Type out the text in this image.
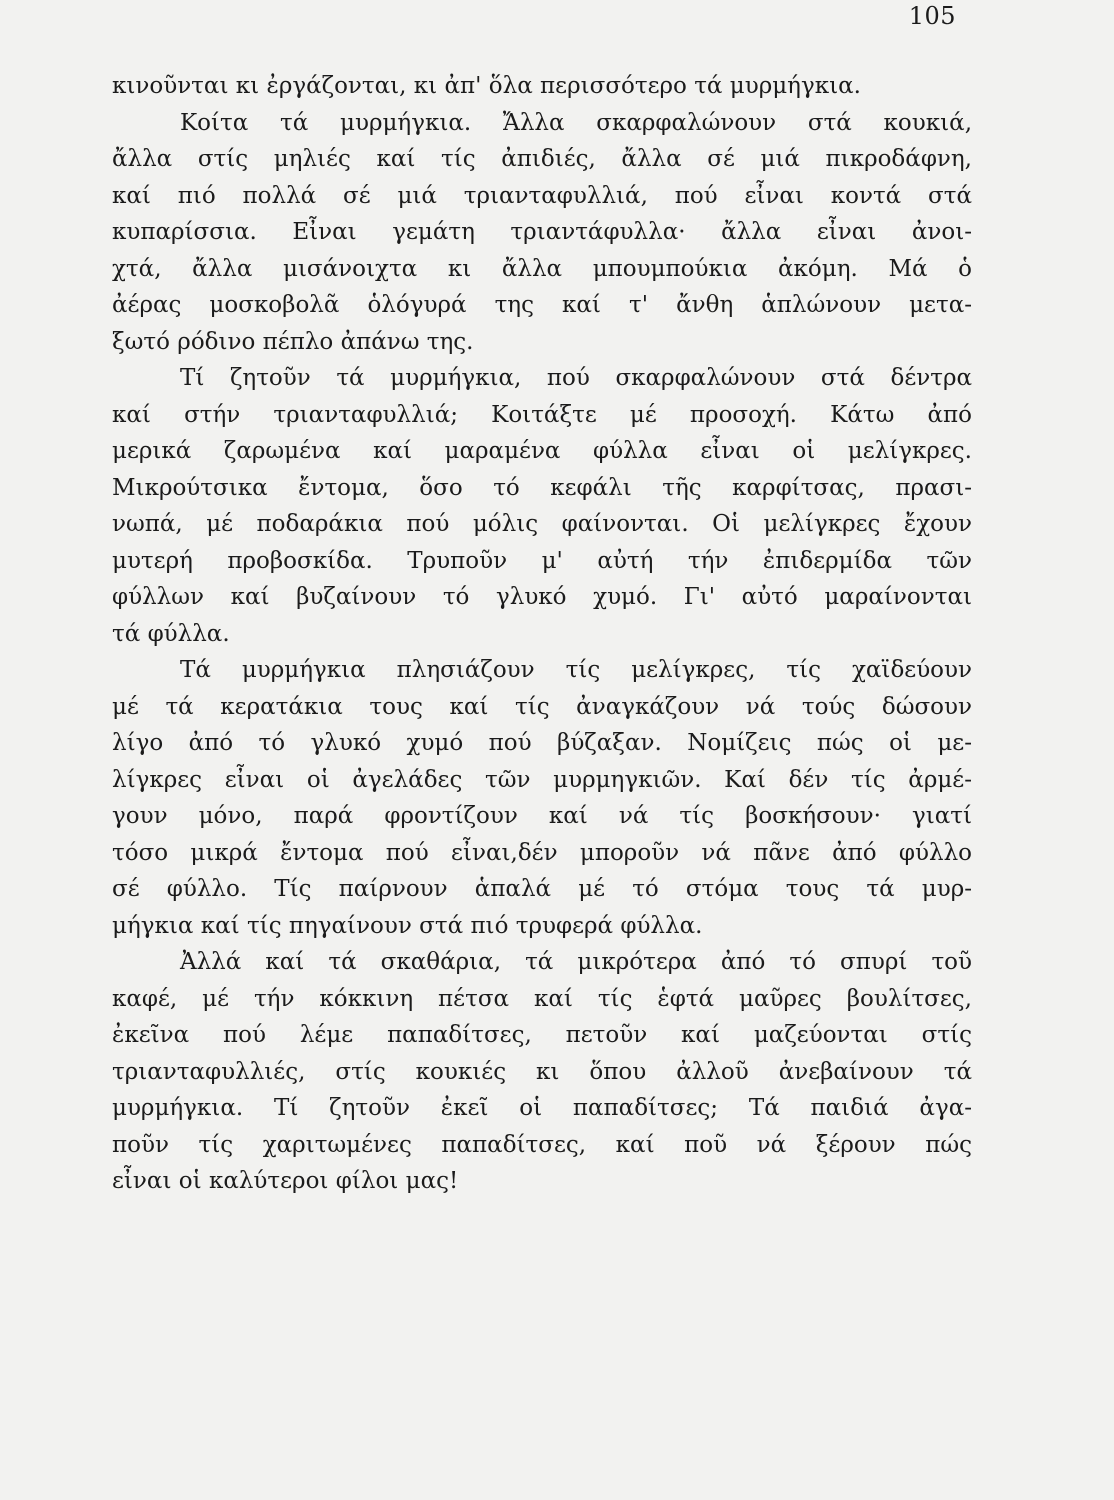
105
κινοῦνται κι ἐργάζονται, κι ἀπ' ὅλα περισσότερο τά μυρμήγκια.
Κοίτα τά μυρμήγκια. Ἄλλα σκαρφαλώνουν στά κουκιά,
ἄλλα στίς μηλιές καί τίς ἀπιδιές, ἄλλα σέ μιά πικροδάφνη,
καί πιό πολλά σέ μιά τριανταφυλλιά, πού εἶναι κοντά στά
κυπαρίσσια. Εἶναι γεμάτη τριαντάφυλλα· ἄλλα εἶναι ἀνοι-
χτά, ἄλλα μισάνοιχτα κι ἄλλα μπουμπούκια ἀκόμη. Μά ὁ
ἀέρας μοσκοβολᾶ ὁλόγυρά της καί τ' ἄνθη ἁπλώνουν μετα-
ξωτό ρόδινο πέπλο ἀπάνω της.
Τί ζητοῦν τά μυρμήγκια, πού σκαρφαλώνουν στά δέντρα
καί στήν τριανταφυλλιά; Κοιτάξτε μέ προσοχή. Κάτω ἀπό
μερικά ζαρωμένα καί μαραμένα φύλλα εἶναι οἱ μελίγκρες.
Μικρούτσικα ἔντομα, ὅσο τό κεφάλι τῆς καρφίτσας, πρασι-
νωπά, μέ ποδαράκια πού μόλις φαίνονται. Οἱ μελίγκρες ἔχουν
μυτερή προβοσκίδα. Τρυποῦν μ' αὐτή τήν ἐπιδερμίδα τῶν
φύλλων καί βυζαίνουν τό γλυκό χυμό. Γι' αὐτό μαραίνονται
τά φύλλα.
Τά μυρμήγκια πλησιάζουν τίς μελίγκρες, τίς χαϊδεύουν
μέ τά κερατάκια τους καί τίς ἀναγκάζουν νά τούς δώσουν
λίγο ἀπό τό γλυκό χυμό πού βύζαξαν. Νομίζεις πώς οἱ με-
λίγκρες εἶναι οἱ ἀγελάδες τῶν μυρμηγκιῶν. Καί δέν τίς ἀρμέ-
γουν μόνο, παρά φροντίζουν καί νά τίς βοσκήσουν· γιατί
τόσο μικρά ἔντομα πού εἶναι,δέν μποροῦν νά πᾶνε ἀπό φύλλο
σέ φύλλο. Τίς παίρνουν ἁπαλά μέ τό στόμα τους τά μυρ-
μήγκια καί τίς πηγαίνουν στά πιό τρυφερά φύλλα.
Ἀλλά καί τά σκαθάρια, τά μικρότερα ἀπό τό σπυρί τοῦ
καφέ, μέ τήν κόκκινη πέτσα καί τίς ἑφτά μαῦρες βουλίτσες,
ἐκεῖνα πού λέμε παπαδίτσες, πετοῦν καί μαζεύονται στίς
τριανταφυλλιές, στίς κουκιές κι ὅπου ἀλλοῦ ἀνεβαίνουν τά
μυρμήγκια. Τί ζητοῦν ἐκεῖ οἱ παπαδίτσες; Τά παιδιά ἀγα-
ποῦν τίς χαριτωμένες παπαδίτσες, καί ποῦ νά ξέρουν πώς
εἶναι οἱ καλύτεροι φίλοι μας!
